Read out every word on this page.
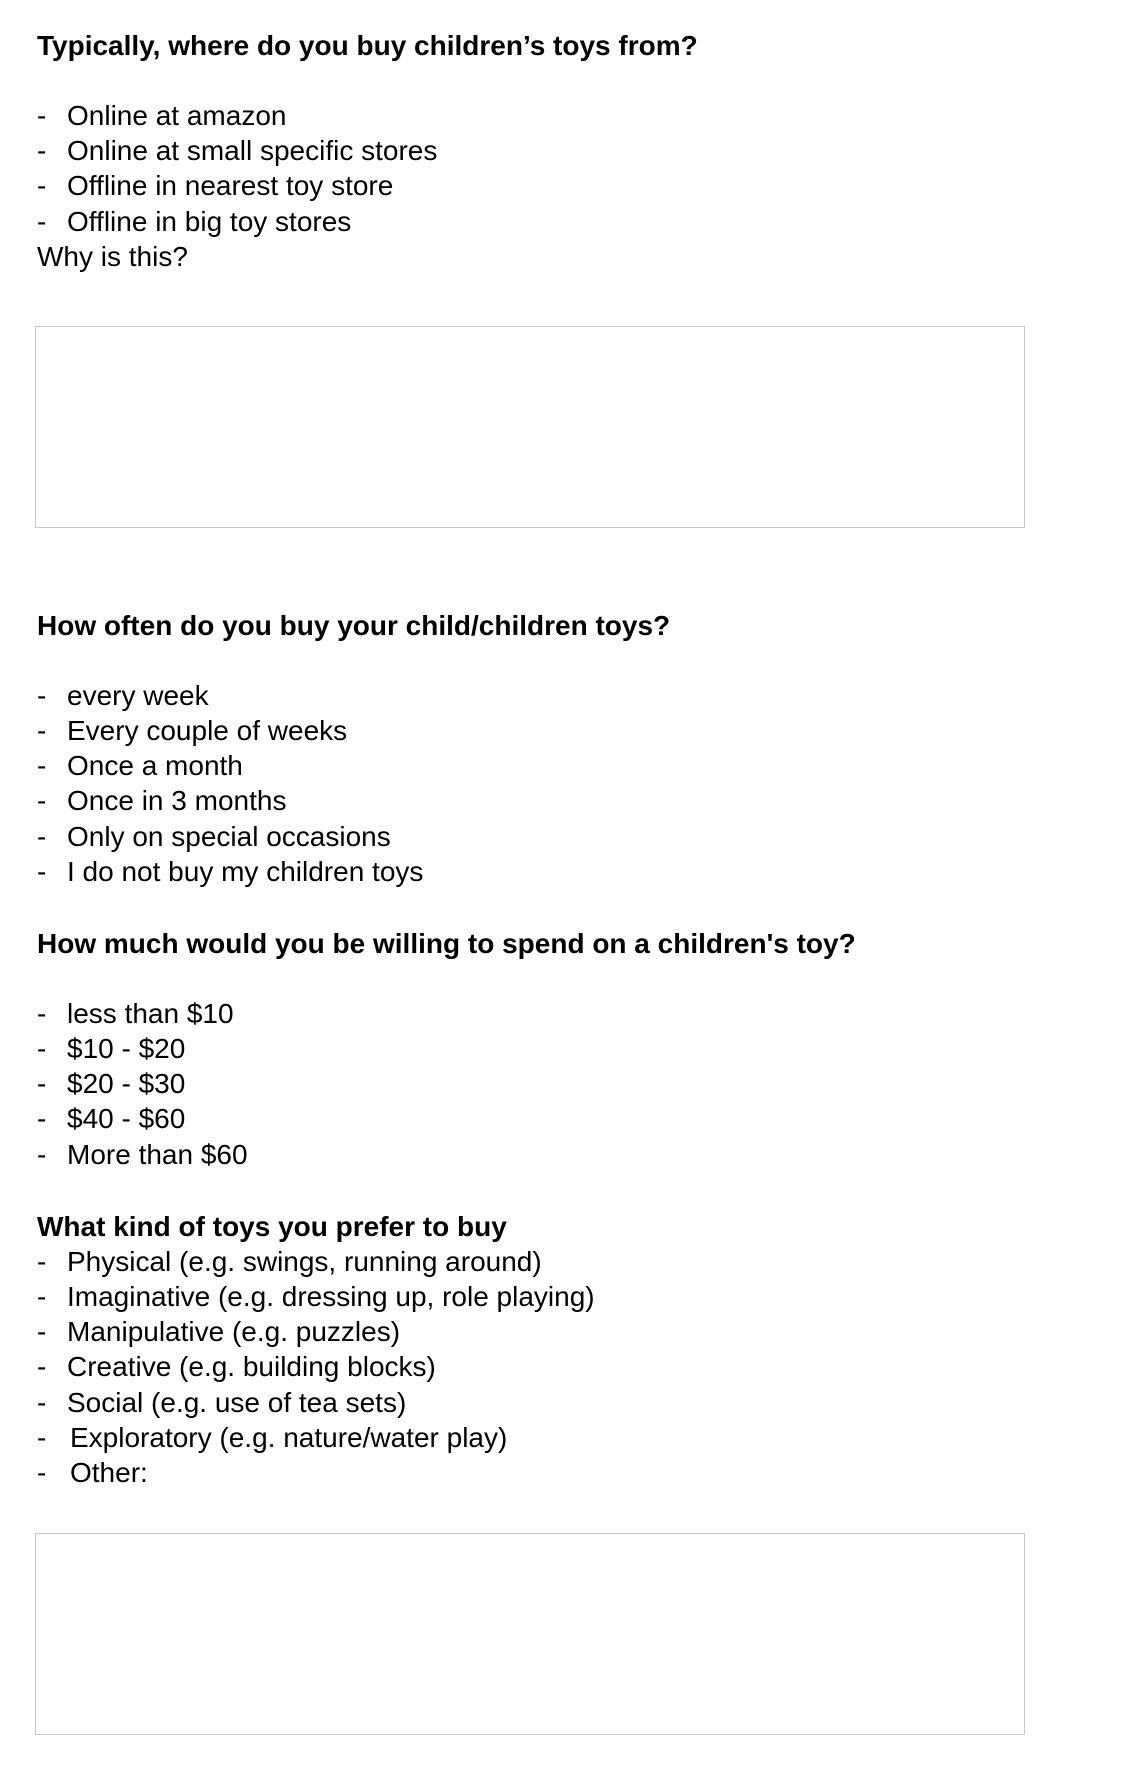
Typically, where do you buy children’s toys from?

- Online at amazon
- Online at small specific stores
- Offline in nearest toy store
- Offline in big toy stores
Why is this?

How often do you buy your child/children toys?

- every week
- Every couple of weeks
- Once a month
- Once in 3 months
- Only on special occasions
- I do not buy my children toys

How much would you be willing to spend on a children's toy?

- less than $10
- $10 - $20
- $20 - $30
- $40 - $60
- More than $60

What kind of toys you prefer to buy

- Physical (e.g. swings, running around)
- Imaginative (e.g. dressing up, role playing)
- Manipulative (e.g. puzzles)
- Creative (e.g. building blocks)
- Social (e.g. use of tea sets)
- Exploratory (e.g. nature/water play)
- Other:
